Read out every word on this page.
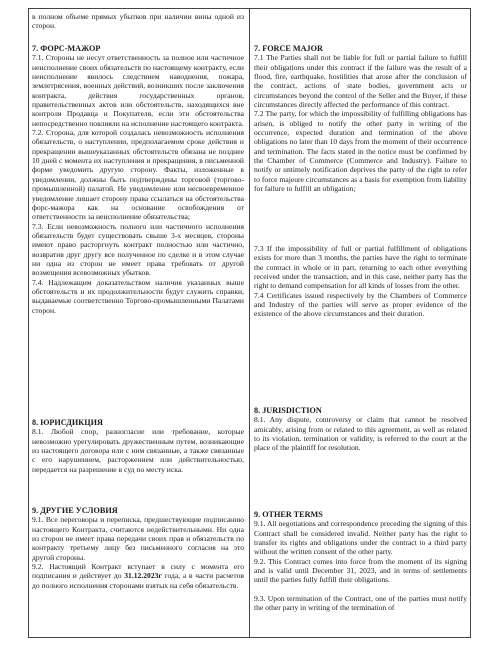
в полном объеме прямых убытков при наличии вины одной из сторон.

7. ФОРС-МАЖОР

7.1. Стороны не несут ответственность за полное или частичное неисполнение своих обязательств по настоящему контракту, если неисполнение явилось следствием наводнения, пожара, землетрясения, военных действий, возникших после заключения контракта, действия государственных органов, правительственных актов или обстоятельств, находящихся вне контроля Продавца и Покупателя, если эти обстоятельства непосредственно повлияли на исполнение настоящего контракта.

7.2. Сторона, для которой создалась невозможность исполнения обязательств, о наступлении, предполагаемом сроке действия и прекращении вышеуказанных обстоятельств обязана не позднее 10 дней с момента их наступления и прекращения, в письменной форме уведомить другую сторону. Факты, изложенные в уведомлении, должны быть подтверждены торговой (торгово-промышленной) палатой. Не уведомление или несвоевременное уведомление лишает сторону права ссылаться на обстоятельства форс-мажора как на основание освобождения от ответственности за неисполнение обязательства;

7.3. Если невозможность полного или частичного исполнения обязательств будет существовать свыше 3-х месяцев, стороны имеют право расторгнуть контракт полностью или частично, возвратив друг другу все полученное по сделке и в этом случае ни одна из сторон не имеет права требовать от другой возмещения всевозможных убытков.

7.4. Надлежащим доказательством наличия указанных выше обстоятельств и их продолжительности будут служить справки, выдаваемые соответственно Торгово-промышленными Палатами сторон.

8. ЮРИСДИКЦИЯ

8.1. Любой спор, разногласие или требование, которые невозможно урегулировать дружественным путем, возникающие из настоящего договора или с ним связанные, а также связанные с его нарушением, расторжением или действительностью, передается на разрешение в суд по месту иска.

9. ДРУГИЕ УСЛОВИЯ

9.1. Все переговоры и переписка, предшествующие подписанию настоящего Контракта, считаются недействительными. Ни одна из сторон не имеет права передачи своих прав и обязательств по контракту третьему лицу без письменного согласия на это другой стороны.

9.2. Настоящий Контракт вступает в силу с момента его подписания и действует до 31.12.2023г года, а в части расчетов до полного исполнения сторонами взятых на себя обязательств.

7. FORCE MAJOR

7.1 The Parties shall not be liable for full or partial failure to fulfill their obligations under this contract if the failure was the result of a flood, fire, earthquake, hostilities that arose after the conclusion of the contract, actions of state bodies, government acts or circumstances beyond the control of the Seller and the Buyer, if these circumstances directly affected the performance of this contract.

7.2 The party, for which the impossibility of fulfilling obligations has arisen, is obliged to notify the other party in writing of the occurrence, expected duration and termination of the above obligations no later than 10 days from the moment of their occurrence and termination. The facts stated in the notice must be confirmed by the Chamber of Commerce (Commerce and Industry). Failure to notify or untimely notification deprives the party of the right to refer to force majeure circumstances as a basis for exemption from liability for failure to fulfill an obligation;

7.3 If the impossibility of full or partial fulfillment of obligations exists for more than 3 months, the parties have the right to terminate the contract in whole or in part, returning to each other everything received under the transaction, and in this case, neither party has the right to demand compensation for all kinds of losses from the other.

7.4 Certificates issued respectively by the Chambers of Commerce and Industry of the parties will serve as proper evidence of the existence of the above circumstances and their duration.

8. JURISDICTION

8.1. Any dispute, controversy or claim that cannot be resolved amicably, arising from or related to this agreement, as well as related to its violation, termination or validity, is referred to the court at the place of the plaintiff for resolution.

9. OTHER TERMS

9.1. All negotiations and correspondence preceding the signing of this Contract shall be considered invalid. Neither party has the right to transfer its rights and obligations under the contract to a third party without the written consent of the other party.

9.2. This Contract comes into force from the moment of its signing and is valid until December 31, 2023, and in terms of settlements until the parties fully fulfill their obligations.

9.3. Upon termination of the Contract, one of the parties must notify the other party in writing of the termination of
